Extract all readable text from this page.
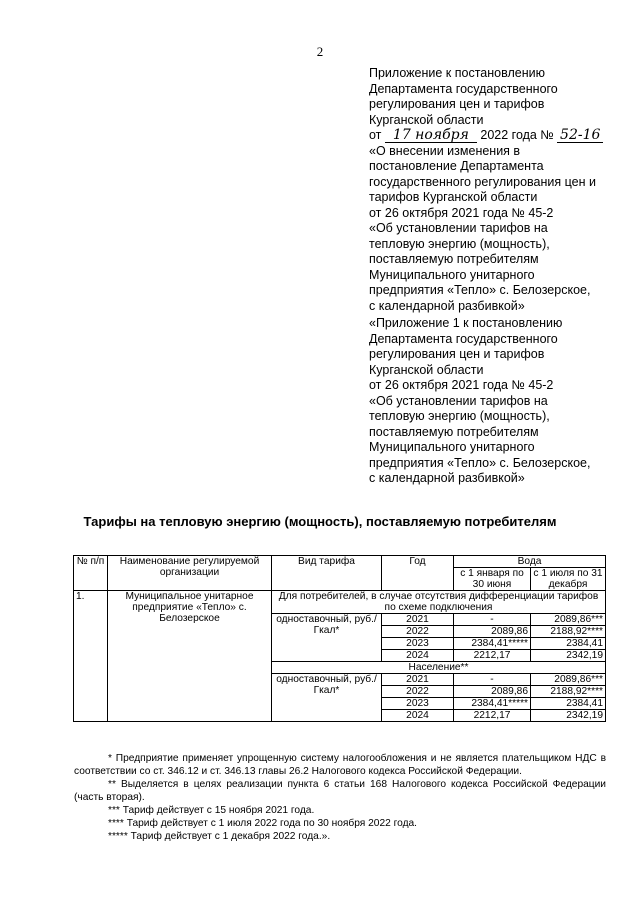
2
Приложение к постановлению
Департамента государственного
регулирования цен и тарифов
Курганской области
от 17 ноября 2022 года № 52-16
«О внесении изменения в
постановление Департамента
государственного регулирования цен и
тарифов Курганской области
от 26 октября 2021 года № 45-2
«Об установлении тарифов на
тепловую энергию (мощность),
поставляемую потребителям
Муниципального унитарного
предприятия «Тепло» с. Белозерское,
с календарной разбивкой»
«Приложение 1 к постановлению
Департамента государственного
регулирования цен и тарифов
Курганской области
от 26 октября 2021 года № 45-2
«Об установлении тарифов на
тепловую энергию (мощность),
поставляемую потребителям
Муниципального унитарного
предприятия «Тепло» с. Белозерское,
с календарной разбивкой»
Тарифы на тепловую энергию (мощность), поставляемую потребителям
№ п/п	Наименование регулируемой организации	Вид тарифа	Год	Вода	
				с 1 января по 30 июня	с 1 июля по 31 декабря
1.	Муниципальное унитарное предприятие «Тепло» с. Белозерское	Для потребителей, в случае отсутствия дифференциации тарифов по схеме подключения			
		одноставочный, руб./Гкал*	2021	-	2089,86***
			2022	2089,86	2188,92****
			2023	2384,41*****	2384,41
			2024	2212,17	2342,19
		Население**			
		одноставочный, руб./Гкал*	2021	-	2089,86***
			2022	2089,86	2188,92****
			2023	2384,41*****	2384,41
			2024	2212,17	2342,19

* Предприятие применяет упрощенную систему налогообложения и не является плательщиком НДС в соответствии со ст. 346.12 и ст. 346.13 главы 26.2 Налогового кодекса Российской Федерации.

** Выделяется в целях реализации пункта 6 статьи 168 Налогового кодекса Российской Федерации (часть вторая).

*** Тариф действует с 15 ноября 2021 года.

**** Тариф действует с 1 июля 2022 года по 30 ноября 2022 года.

***** Тариф действует с 1 декабря 2022 года.».
